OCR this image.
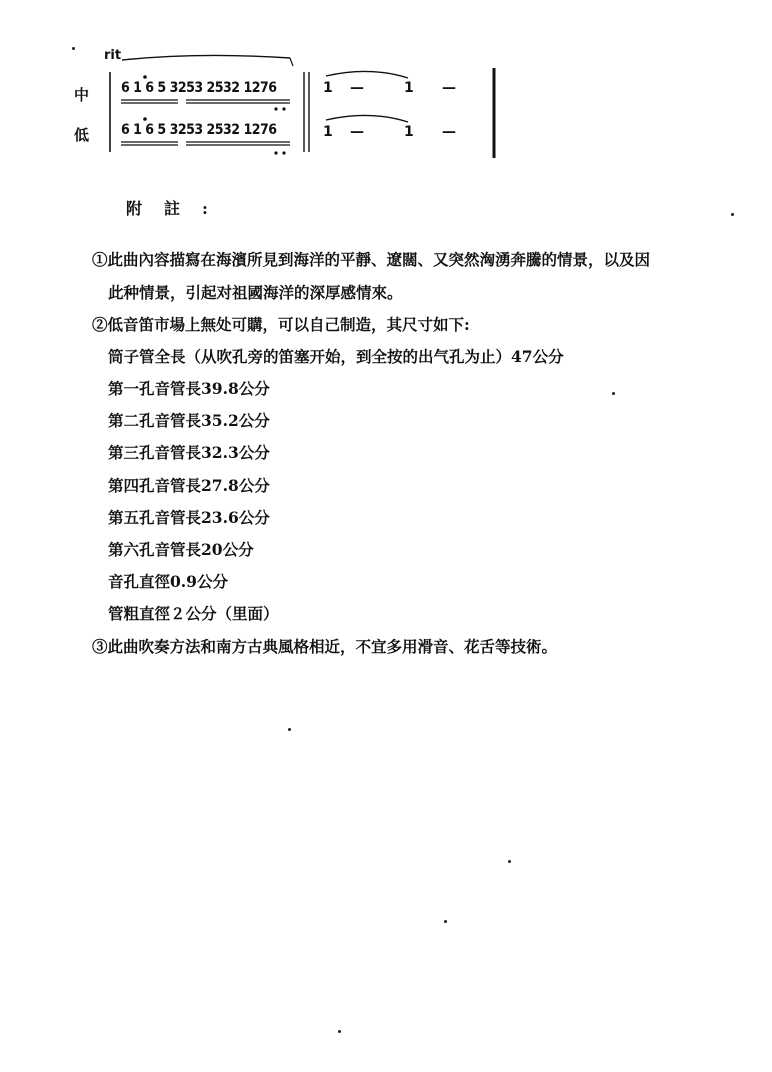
rit
中
低
6 1 6 5 3253 2532 1276
6 1 6 5 3253 2532 1276
1 —	1 —
1 —	1 —
附註:
①此曲內容描寫在海濱所見到海洋的平靜、遼闊、又突然洶湧奔騰的情景，以及因
此种情景，引起对祖國海洋的深厚感情來。
②低音笛市場上無处可購，可以自己制造，其尺寸如下:
筒子管全長（从吹孔旁的笛塞开始，到全按的出气孔为止）47公分
第一孔音管長39.8公分
第二孔音管長35.2公分
第三孔音管長32.3公分
第四孔音管長27.8公分
第五孔音管長23.6公分
第六孔音管長20公分
音孔直徑0.9公分
管粗直徑２公分（里面）
③此曲吹奏方法和南方古典風格相近，不宜多用滑音、花舌等技術。
